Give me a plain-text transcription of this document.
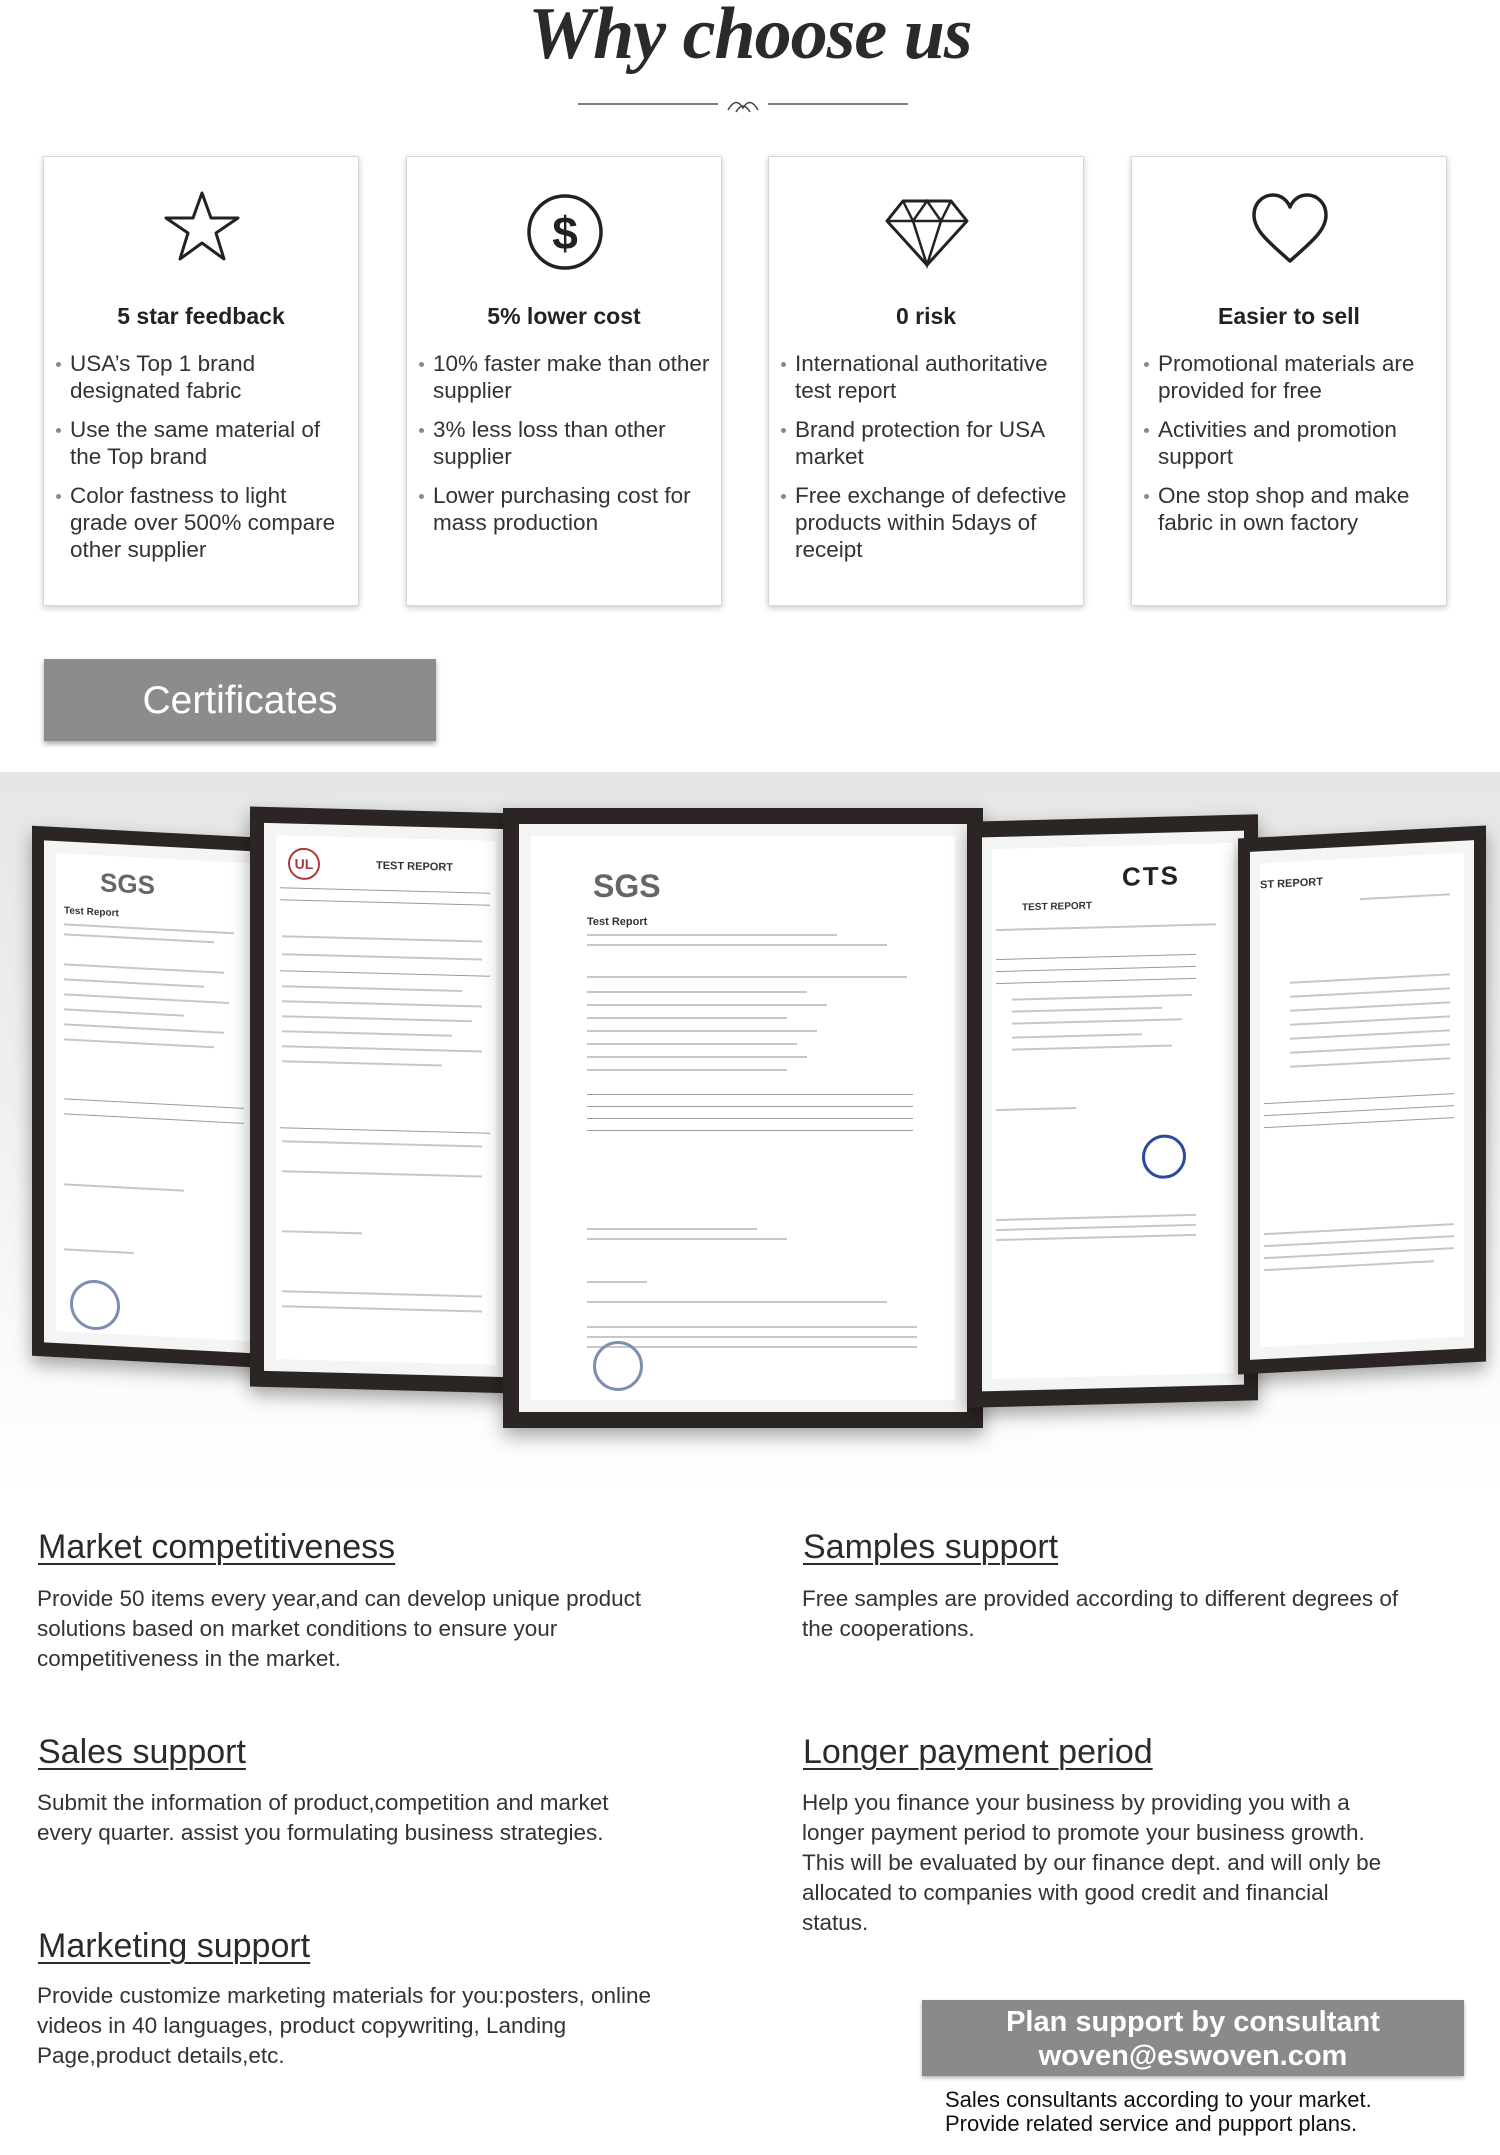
Why choose us
5 star feedback
USA’s Top 1 brand designated fabric
Use the same material of the Top brand
Color fastness to light grade over 500% compare other supplier
$
5% lower cost
10% faster make than other supplier
3% less loss than other supplier
Lower purchasing cost for mass production
0 risk
International authoritative test report
Brand protection for USA market
Free exchange of defective products within 5days of receipt
Easier to sell
Promotional materials are provided for free
Activities and promotion support
One stop shop and make fabric in own factory
Certificates
SGS
Test Report
UL	TEST REPORT
SGS
Test Report
CTS
TEST REPORT
ST REPORT
Market competitiveness
Provide 50 items every year,and can develop unique product solutions based on market conditions to ensure your competitiveness in the market.
Samples support
Free samples are provided according to different degrees of the cooperations.
Sales support
Submit the information of product,competition and market every quarter. assist you formulating business strategies.
Longer payment period
Help you finance your business by providing you with a longer payment period to promote your business growth. This will be evaluated by our finance dept. and will only be allocated to companies with good credit and financial status.
Marketing support
Provide customize marketing materials for you:posters, online videos in 40 languages, product copywriting, Landing Page,product details,etc.
Plan support by consultant
woven@eswoven.com
Sales consultants according to your market.
Provide related service and pupport plans.
